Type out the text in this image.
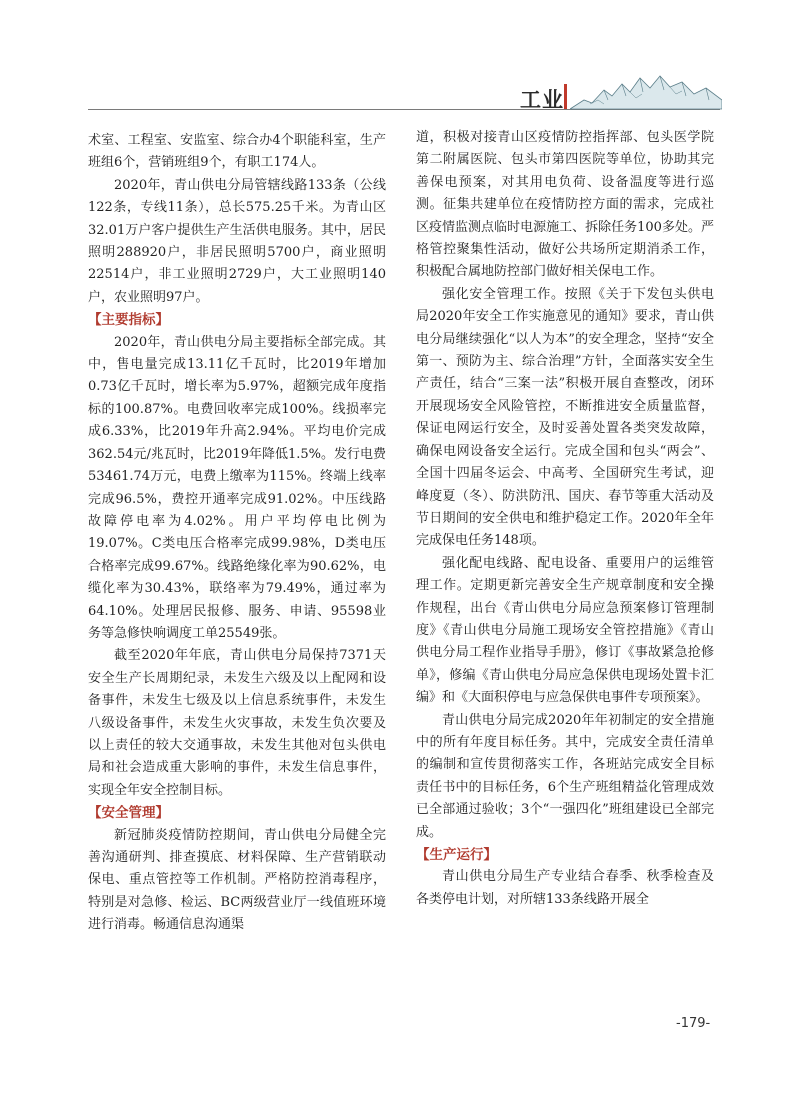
工业

术室、工程室、安监室、综合办4个职能科室，生产班组6个，营销班组9个，有职工174人。

2020年，青山供电分局管辖线路133条（公线122条，专线11条），总长575.25千米。为青山区32.01万户客户提供生产生活供电服务。其中，居民照明288920户，非居民照明5700户，商业照明22514户，非工业照明2729户，大工业照明140户，农业照明97户。

【主要指标】

2020年，青山供电分局主要指标全部完成。其中，售电量完成13.11亿千瓦时，比2019年增加0.73亿千瓦时，增长率为5.97%，超额完成年度指标的100.87%。电费回收率完成100%。线损率完成6.33%，比2019年升高2.94%。平均电价完成362.54元/兆瓦时，比2019年降低1.5%。发行电费53461.74万元，电费上缴率为115%。终端上线率完成96.5%，费控开通率完成91.02%。中压线路故障停电率为4.02%。用户平均停电比例为19.07%。C类电压合格率完成99.98%，D类电压合格率完成99.67%。线路绝缘化率为90.62%，电缆化率为30.43%，联络率为79.49%，通过率为64.10%。处理居民报修、服务、申请、95598业务等急修快响调度工单25549张。

截至2020年年底，青山供电分局保持7371天安全生产长周期纪录，未发生六级及以上配网和设备事件，未发生七级及以上信息系统事件，未发生八级设备事件，未发生火灾事故，未发生负次要及以上责任的较大交通事故，未发生其他对包头供电局和社会造成重大影响的事件，未发生信息事件，实现全年安全控制目标。

【安全管理】

新冠肺炎疫情防控期间，青山供电分局健全完善沟通研判、排查摸底、材料保障、生产营销联动保电、重点管控等工作机制。严格防控消毒程序，特别是对急修、检运、BC两级营业厅一线值班环境进行消毒。畅通信息沟通渠

道，积极对接青山区疫情防控指挥部、包头医学院第二附属医院、包头市第四医院等单位，协助其完善保电预案，对其用电负荷、设备温度等进行巡测。征集共建单位在疫情防控方面的需求，完成社区疫情监测点临时电源施工、拆除任务100多处。严格管控聚集性活动，做好公共场所定期消杀工作，积极配合属地防控部门做好相关保电工作。

强化安全管理工作。按照《关于下发包头供电局2020年安全工作实施意见的通知》要求，青山供电分局继续强化“以人为本”的安全理念，坚持“安全第一、预防为主、综合治理”方针，全面落实安全生产责任，结合“三案一法”积极开展自查整改，闭环开展现场安全风险管控，不断推进安全质量监督，保证电网运行安全，及时妥善处置各类突发故障，确保电网设备安全运行。完成全国和包头“两会”、全国十四届冬运会、中高考、全国研究生考试，迎峰度夏（冬）、防洪防汛、国庆、春节等重大活动及节日期间的安全供电和维护稳定工作。2020年全年完成保电任务148项。

强化配电线路、配电设备、重要用户的运维管理工作。定期更新完善安全生产规章制度和安全操作规程，出台《青山供电分局应急预案修订管理制度》《青山供电分局施工现场安全管控措施》《青山供电分局工程作业指导手册》，修订《事故紧急抢修单》，修编《青山供电分局应急保供电现场处置卡汇编》和《大面积停电与应急保供电事件专项预案》。

青山供电分局完成2020年年初制定的安全措施中的所有年度目标任务。其中，完成安全责任清单的编制和宣传贯彻落实工作，各班站完成安全目标责任书中的目标任务，6个生产班组精益化管理成效已全部通过验收；3个“一强四化”班组建设已全部完成。

【生产运行】

青山供电分局生产专业结合春季、秋季检查及各类停电计划，对所辖133条线路开展全

-179-
